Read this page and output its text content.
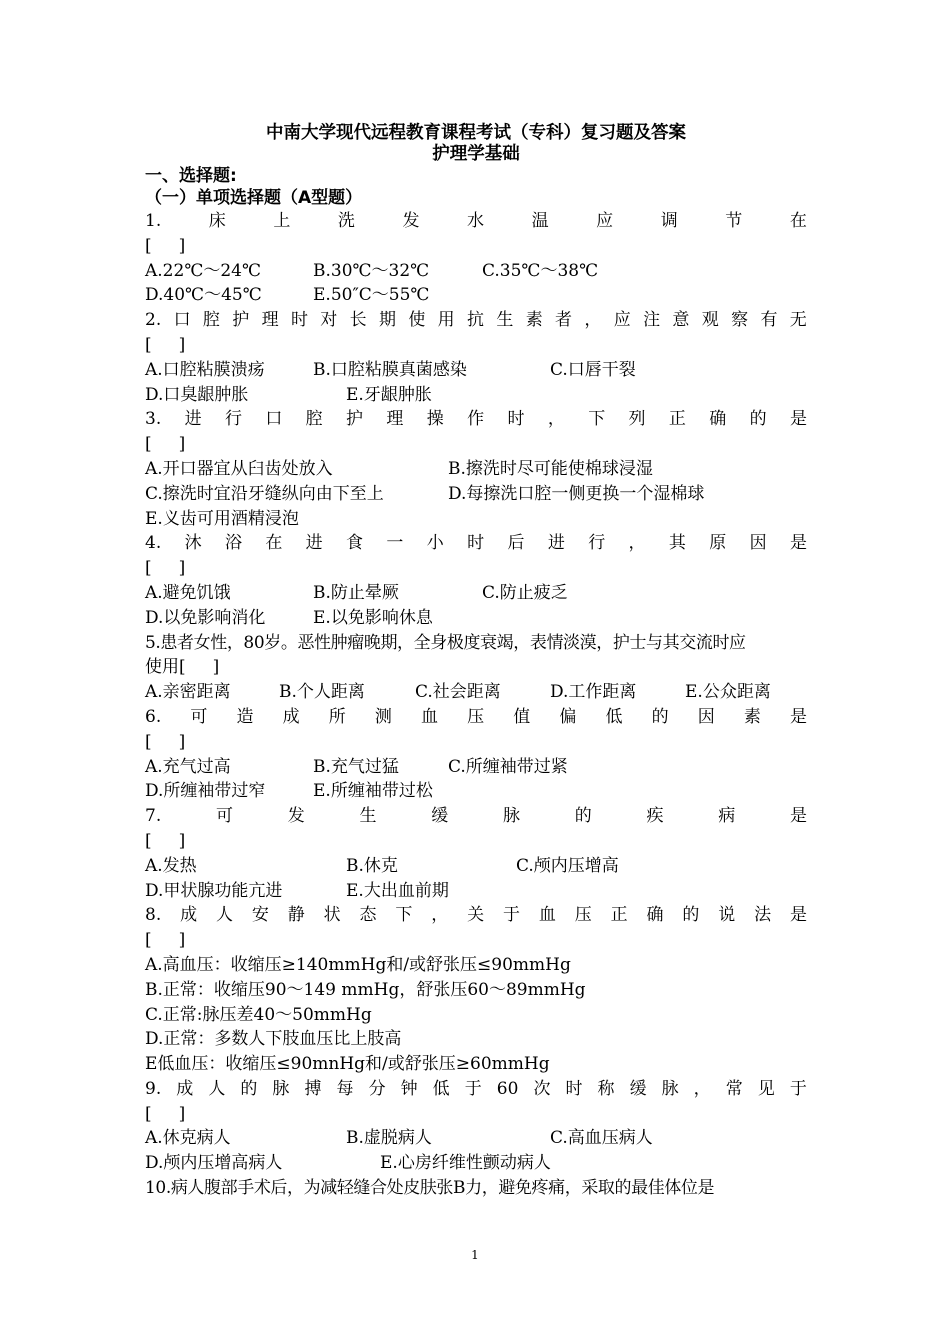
中南大学现代远程教育课程考试（专科）复习题及答案
护理学基础
一、选择题:
（一）单项选择题（A型题）
1.	床	上	洗	发	水	温	应	调	节	在
[     ]
A.22℃～24℃	B.30℃～32℃	C.35℃～38℃
D.40℃～45℃	E.50″C～55℃
2. 口 腔 护 理 时 对 长 期 使 用 抗 生 素 者 ， 应 注 意 观 察 有 无
[     ]
A.口腔粘膜溃疡	B.口腔粘膜真菌感染	C.口唇干裂
D.口臭龈肿胀	E.牙龈肿胀
3. 进 行 口 腔 护 理 操 作 时 ， 下 列 正 确 的 是
[     ]
A.开口器宜从臼齿处放入	B.擦洗时尽可能使棉球浸湿
C.擦洗时宜沿牙缝纵向由下至上	D.每擦洗口腔一侧更换一个湿棉球
E.义齿可用酒精浸泡
4. 沐 浴 在 进 食 一 小 时 后 进 行 ， 其 原 因 是
[     ]
A.避免饥饿	B.防止晕厥	C.防止疲乏
D.以免影响消化	E.以免影响休息
5.患者女性，80岁。恶性肿瘤晚期，全身极度衰竭，表情淡漠，护士与其交流时应
使用[     ]
A.亲密距离	B.个人距离	C.社会距离	D.工作距离	E.公众距离
6. 可 造 成 所 测 血 压 值 偏 低 的 因 素 是
[     ]
A.充气过高	B.充气过猛	C.所缠袖带过紧
D.所缠袖带过窄	E.所缠袖带过松
7.	可	发	生	缓	脉	的	疾	病	是
[     ]
A.发热	B.休克	C.颅内压增高
D.甲状腺功能亢进	E.大出血前期
8. 成 人 安 静 状 态 下 ， 关 于 血 压 正 确 的 说 法 是
[     ]
A.高血压：收缩压≥140mmHg和/或舒张压≤90mmHg
B.正常：收缩压90～149 mmHg，舒张压60～89mmHg
C.正常:脉压差40～50mmHg
D.正常：多数人下肢血压比上肢高
E低血压：收缩压≤90mnHg和/或舒张压≥60mmHg
9. 成 人 的 脉 搏 每 分 钟 低 于 60 次 时 称 缓 脉 ， 常 见 于
[     ]
A.休克病人	B.虚脱病人	C.高血压病人
D.颅内压增高病人	E.心房纤维性颤动病人
10.病人腹部手术后，为减轻缝合处皮肤张B力，避免疼痛，采取的最佳体位是
1
